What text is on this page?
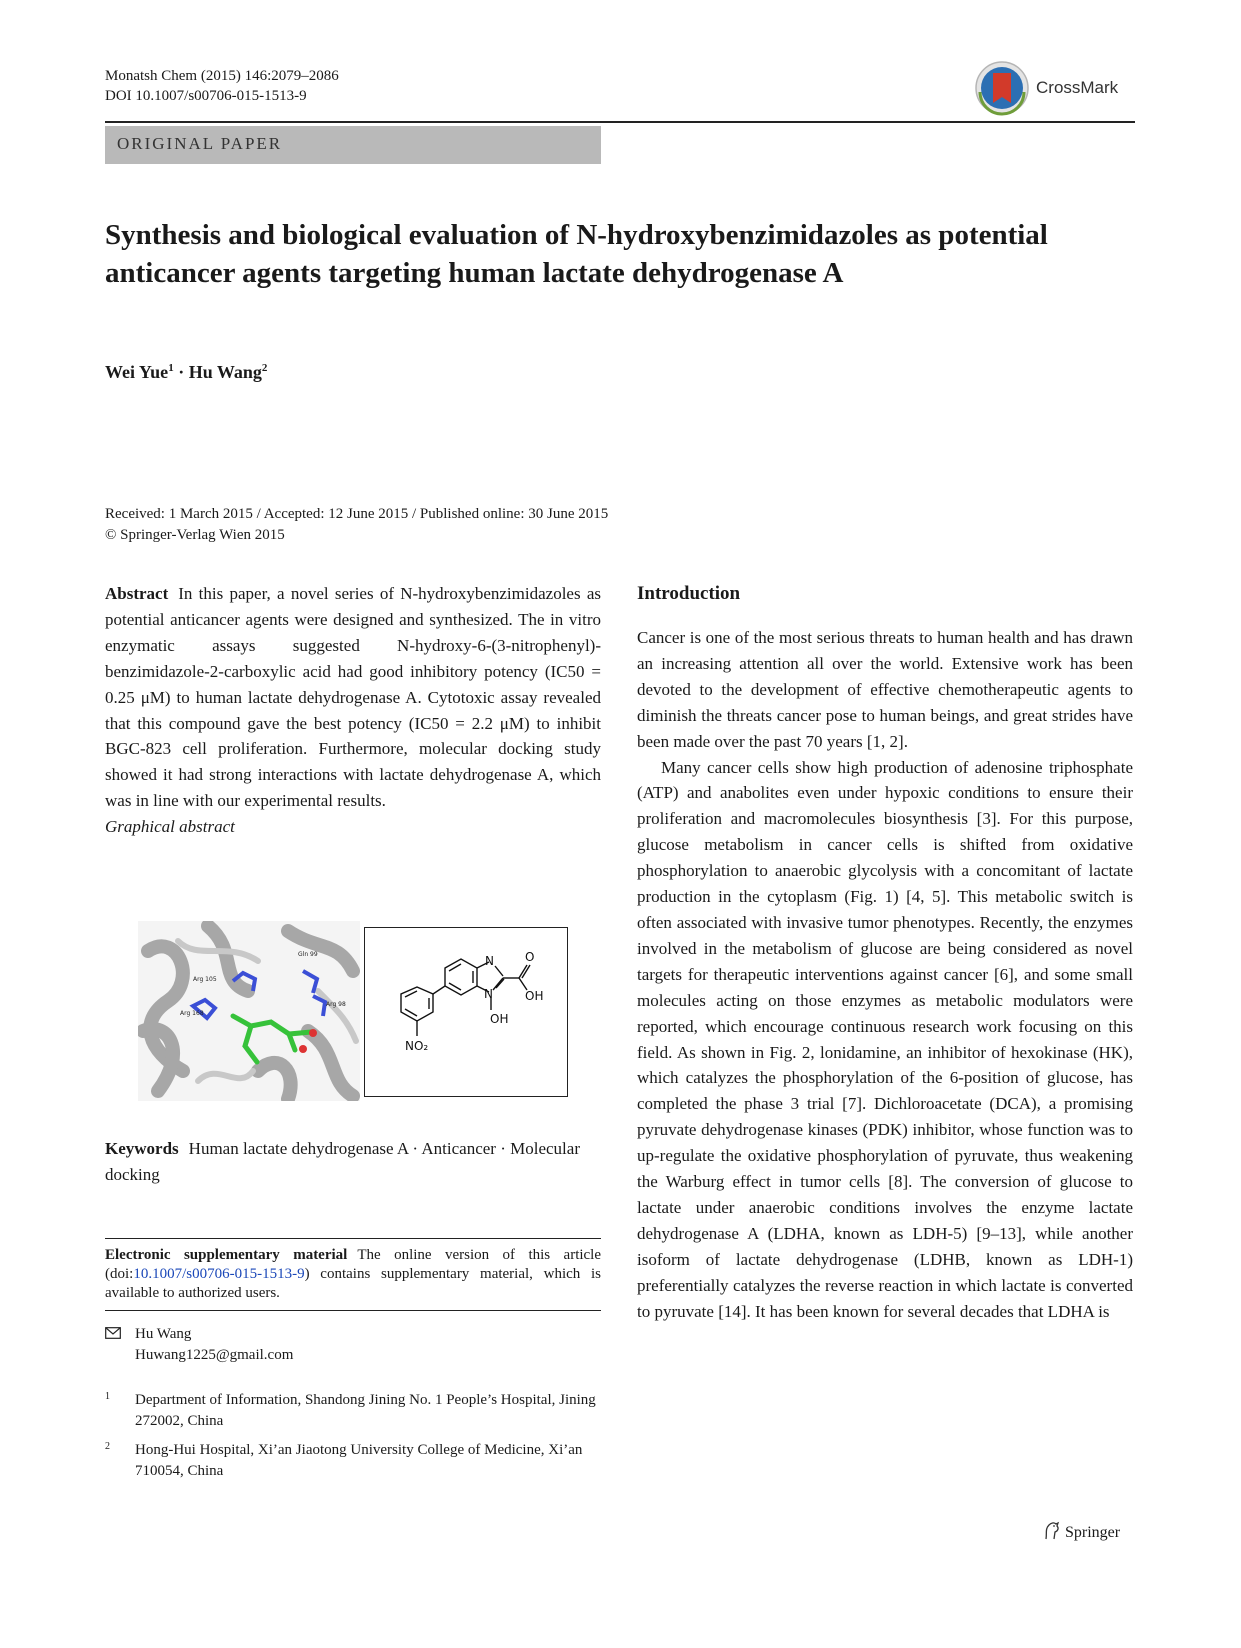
Monatsh Chem (2015) 146:2079–2086
DOI 10.1007/s00706-015-1513-9	CrossMark
ORIGINAL PAPER
Synthesis and biological evaluation of N-hydroxybenzimidazoles as potential anticancer agents targeting human lactate dehydrogenase A
Wei Yue$^1$ · Hu Wang$^2$
Received: 1 March 2015 / Accepted: 12 June 2015 / Published online: 30 June 2015
© Springer-Verlag Wien 2015

Abstract In this paper, a novel series of N-hydroxybenzimidazoles as potential anticancer agents were designed and synthesized. The in vitro enzymatic assays suggested N-hydroxy-6-(3-nitrophenyl)-benzimidazole-2-carboxylic acid had good inhibitory potency (IC50 = 0.25 μM) to human lactate dehydrogenase A. Cytotoxic assay revealed that this compound gave the best potency (IC50 = 2.2 μM) to inhibit BGC-823 cell proliferation. Furthermore, molecular docking study showed it had strong interactions with lactate dehydrogenase A, which was in line with our experimental results.

Graphical abstract

Gln 99
Arg 105
Arg 168
Arg 98
N	O
N	OH
OH
NO₂
Keywords Human lactate dehydrogenase A · Anticancer · Molecular docking
Electronic supplementary material The online version of this article (doi:10.1007/s00706-015-1513-9) contains supplementary material, which is available to authorized users.
Hu Wang
Huwang1225@gmail.com
1 Department of Information, Shandong Jining No. 1 People’s Hospital, Jining 272002, China
2 Hong-Hui Hospital, Xi’an Jiaotong University College of Medicine, Xi’an 710054, China
Introduction

Cancer is one of the most serious threats to human health and has drawn an increasing attention all over the world. Extensive work has been devoted to the development of effective chemotherapeutic agents to diminish the threats cancer pose to human beings, and great strides have been made over the past 70 years [1, 2].

Many cancer cells show high production of adenosine triphosphate (ATP) and anabolites even under hypoxic conditions to ensure their proliferation and macromolecules biosynthesis [3]. For this purpose, glucose metabolism in cancer cells is shifted from oxidative phosphorylation to anaerobic glycolysis with a concomitant of lactate production in the cytoplasm (Fig. 1) [4, 5]. This metabolic switch is often associated with invasive tumor phenotypes. Recently, the enzymes involved in the metabolism of glucose are being considered as novel targets for therapeutic interventions against cancer [6], and some small molecules acting on those enzymes as metabolic modulators were reported, which encourage continuous research work focusing on this field. As shown in Fig. 2, lonidamine, an inhibitor of hexokinase (HK), which catalyzes the phosphorylation of the 6-position of glucose, has completed the phase 3 trial [7]. Dichloroacetate (DCA), a promising pyruvate dehydrogenase kinases (PDK) inhibitor, whose function was to up-regulate the oxidative phosphorylation of pyruvate, thus weakening the Warburg effect in tumor cells [8]. The conversion of glucose to lactate under anaerobic conditions involves the enzyme lactate dehydrogenase A (LDHA, known as LDH-5) [9–13], while another isoform of lactate dehydrogenase (LDHB, known as LDH-1) preferentially catalyzes the reverse reaction in which lactate is converted to pyruvate [14]. It has been known for several decades that LDHA is

Springer
